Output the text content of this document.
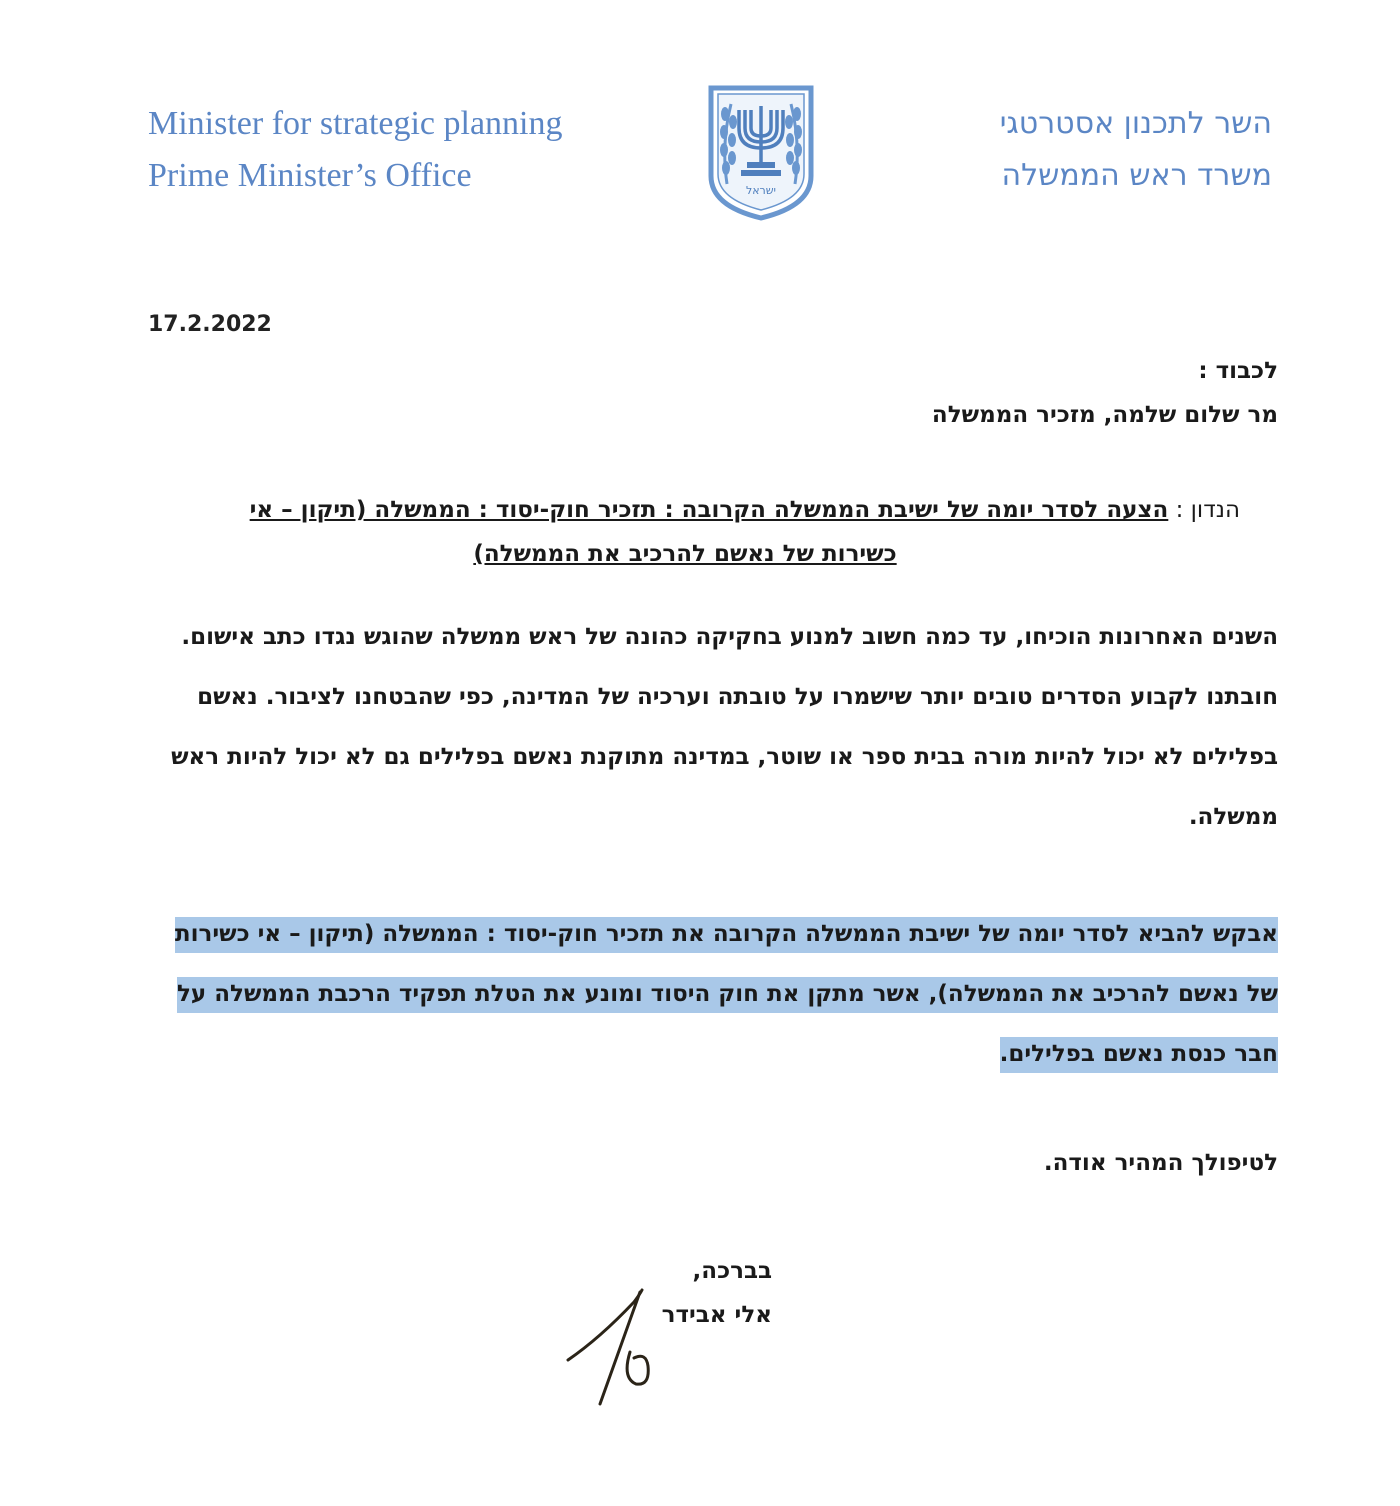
Minister for strategic planning
Prime Minister’s Office	ישראל
השר לתכנון אסטרטגי
משרד ראש הממשלה
17.2.2022
לכבוד :
מר שלום שלמה, מזכיר הממשלה
הנדון : הצעה לסדר יומה של ישיבת הממשלה הקרובה : תזכיר חוק-יסוד : הממשלה (תיקון – אי
כשירות של נאשם להרכיב את הממשלה)
השנים האחרונות הוכיחו, עד כמה חשוב למנוע בחקיקה כהונה של ראש ממשלה שהוגש נגדו כתב אישום. חובתנו לקבוע הסדרים טובים יותר שישמרו על טובתה וערכיה של המדינה, כפי שהבטחנו לציבור. נאשם בפלילים לא יכול להיות מורה בבית ספר או שוטר, במדינה מתוקנת נאשם בפלילים גם לא יכול להיות ראש ממשלה.
אבקש להביא לסדר יומה של ישיבת הממשלה הקרובה את תזכיר חוק-יסוד : הממשלה (תיקון – אי כשירות של נאשם להרכיב את הממשלה), אשר מתקן את חוק היסוד ומונע את הטלת תפקיד הרכבת הממשלה על חבר כנסת נאשם בפלילים.
לטיפולך המהיר אודה.
בברכה,
אלי אבידר
